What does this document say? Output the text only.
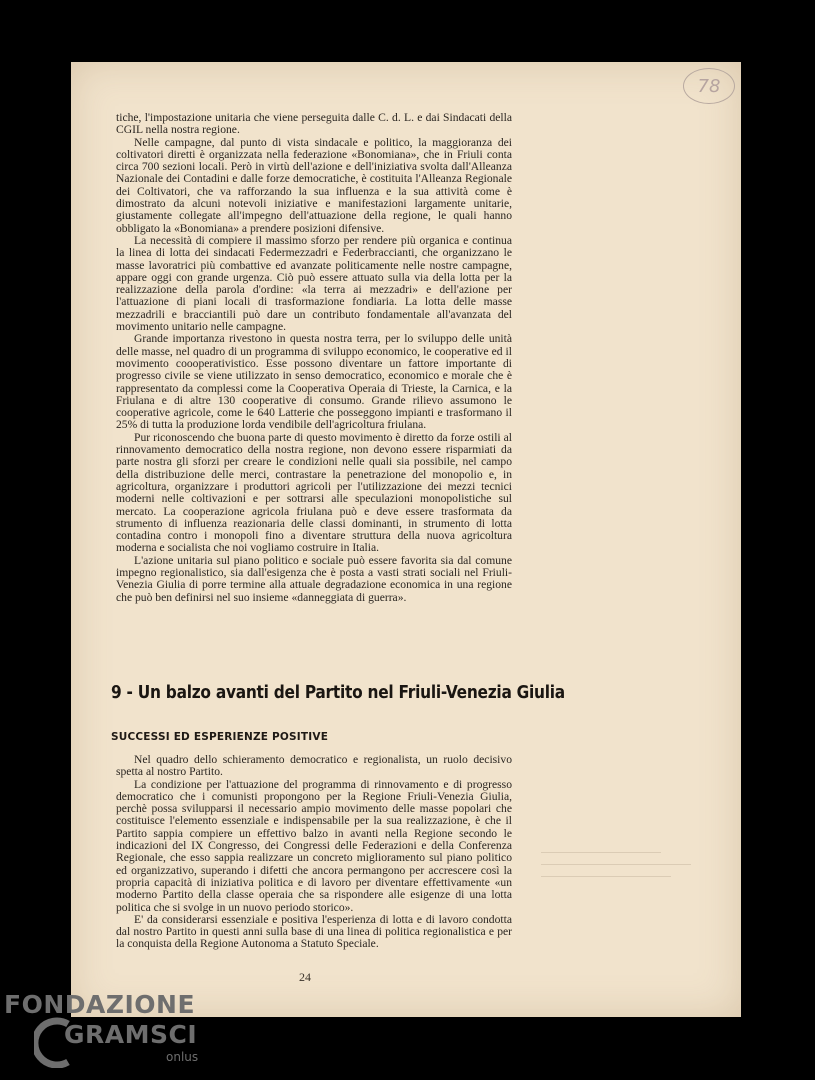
78

tiche, l'impostazione unitaria che viene perseguita dalle C. d. L. e dai Sindacati della CGIL nella nostra regione.

Nelle campagne, dal punto di vista sindacale e politico, la maggioranza dei coltivatori diretti è organizzata nella federazione «Bonomiana», che in Friuli conta circa 700 sezioni locali. Però in virtù dell'azione e dell'iniziativa svolta dall'Alleanza Nazionale dei Contadini e dalle forze democratiche, è costituita l'Alleanza Regionale dei Coltivatori, che va rafforzando la sua influenza e la sua attività come è dimostrato da alcuni notevoli iniziative e manifestazioni largamente unitarie, giustamente collegate all'impegno dell'attuazione della regione, le quali hanno obbligato la «Bonomiana» a prendere posizioni difensive.

La necessità di compiere il massimo sforzo per rendere più organica e continua la linea di lotta dei sindacati Federmezzadri e Federbraccianti, che organizzano le masse lavoratrici più combattive ed avanzate politicamente nelle nostre campagne, appare oggi con grande urgenza. Ciò può essere attuato sulla via della lotta per la realizzazione della parola d'ordine: «la terra ai mezzadri» e dell'azione per l'attuazione di piani locali di trasformazione fondiaria. La lotta delle masse mezzadrili e bracciantili può dare un contributo fondamentale all'avanzata del movimento unitario nelle campagne.

Grande importanza rivestono in questa nostra terra, per lo sviluppo delle unità delle masse, nel quadro di un programma di sviluppo economico, le cooperative ed il movimento coooperativistico. Esse possono diventare un fattore importante di progresso civile se viene utilizzato in senso democratico, economico e morale che è rappresentato da complessi come la Cooperativa Operaia di Trieste, la Carnica, e la Friulana e di altre 130 cooperative di consumo. Grande rilievo assumono le cooperative agricole, come le 640 Latterie che posseggono impianti e trasformano il 25% di tutta la produzione lorda vendibile dell'agricoltura friulana.

Pur riconoscendo che buona parte di questo movimento è diretto da forze ostili al rinnovamento democratico della nostra regione, non devono essere risparmiati da parte nostra gli sforzi per creare le condizioni nelle quali sia possibile, nel campo della distribuzione delle merci, contrastare la penetrazione del monopolio e, in agricoltura, organizzare i produttori agricoli per l'utilizzazione dei mezzi tecnici moderni nelle coltivazioni e per sottrarsi alle speculazioni monopolistiche sul mercato. La cooperazione agricola friulana può e deve essere trasformata da strumento di influenza reazionaria delle classi dominanti, in strumento di lotta contadina contro i monopoli fino a diventare struttura della nuova agricoltura moderna e socialista che noi vogliamo costruire in Italia.

L'azione unitaria sul piano politico e sociale può essere favorita sia dal comune impegno regionalistico, sia dall'esigenza che è posta a vasti strati sociali nel Friuli-Venezia Giulia di porre termine alla attuale degradazione economica in una regione che può ben definirsi nel suo insieme «danneggiata di guerra».

9 - Un balzo avanti del Partito nel Friuli-Venezia Giulia
SUCCESSI ED ESPERIENZE POSITIVE

Nel quadro dello schieramento democratico e regionalista, un ruolo decisivo spetta al nostro Partito.

La condizione per l'attuazione del programma di rinnovamento e di progresso democratico che i comunisti propongono per la Regione Friuli-Venezia Giulia, perchè possa svilupparsi il necessario ampio movimento delle masse popolari che costituisce l'elemento essenziale e indispensabile per la sua realizzazione, è che il Partito sappia compiere un effettivo balzo in avanti nella Regione secondo le indicazioni del IX Congresso, dei Congressi delle Federazioni e della Conferenza Regionale, che esso sappia realizzare un concreto miglioramento sul piano politico ed organizzativo, superando i difetti che ancora permangono per accrescere così la propria capacità di iniziativa politica e di lavoro per diventare effettivamente «un moderno Partito della classe operaia che sa rispondere alle esigenze di una lotta politica che si svolge in un nuovo periodo storico».

E' da considerarsi essenziale e positiva l'esperienza di lotta e di lavoro condotta dal nostro Partito in questi anni sulla base di una linea di politica regionalistica e per la conquista della Regione Autonoma a Statuto Speciale.

24
FONDAZIONE
GRAMSCI
onlus
